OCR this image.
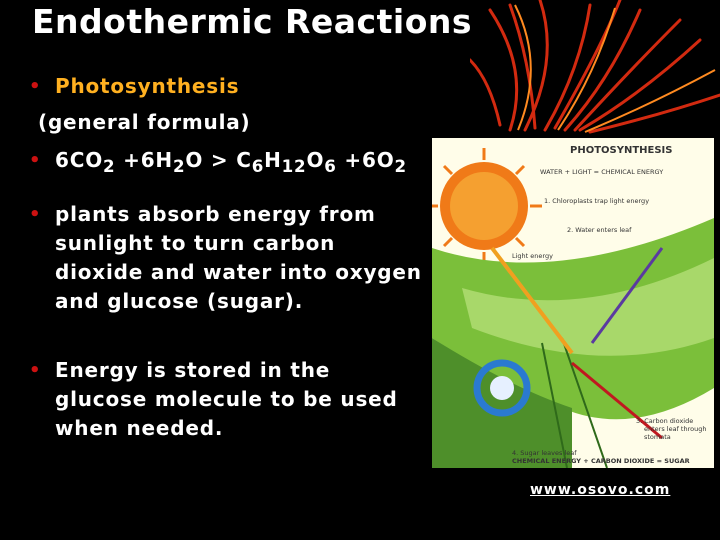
Endothermic Reactions
• Photosynthesis
(general formula)
• $6CO_2 +6H_2O > C_6H_{12}O_6 +6O_2$
• plants absorb energy from
sunlight to turn carbon
dioxide and water into oxygen
and glucose (sugar).
PHOTOSYNTHESIS
WATER + LIGHT = CHEMICAL ENERGY
1. Chloroplasts trap light energy
2. Water enters leaf
Light energy
3. Carbon dioxide
enters leaf through
stomata
4. Sugar leaves leaf
CHEMICAL ENERGY + CARBON DIOXIDE = SUGAR
• Energy is stored in the
glucose molecule to be used
when needed.
www.osovo.com
